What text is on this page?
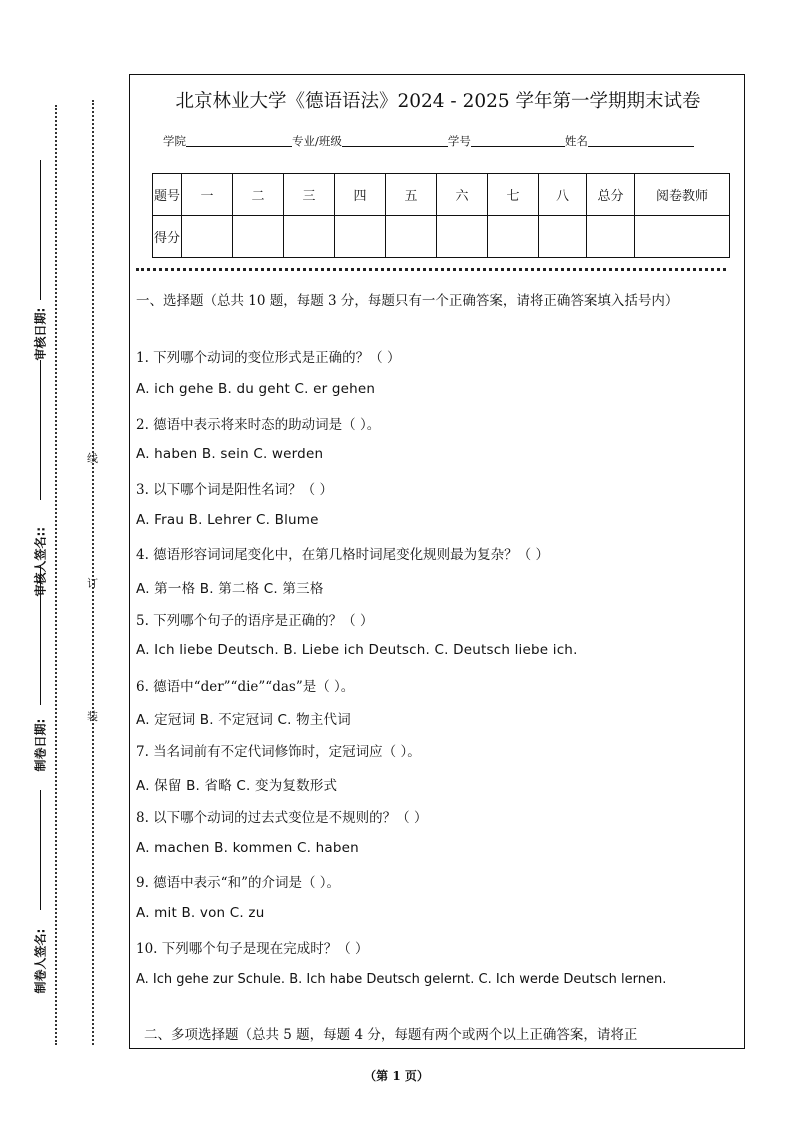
审核日期:
审核人签名::
制卷日期:
制卷人签名:
线
订
装
北京林业大学《德语语法》2024 - 2025 学年第一学期期末试卷
学院	专业/班级	学号	姓名
题号	一	二	三	四	五	六	七	八	总分	阅卷教师
得分										
一、选择题（总共 10 题，每题 3 分，每题只有一个正确答案，请将正确答案填入括号内）
1. 下列哪个动词的变位形式是正确的？（ ）
A. ich gehe B. du geht C. er gehen
2. 德语中表示将来时态的助动词是（ ）。
A. haben B. sein C. werden
3. 以下哪个词是阳性名词？（ ）
A. Frau B. Lehrer C. Blume
4. 德语形容词词尾变化中，在第几格时词尾变化规则最为复杂？（ ）
A. 第一格 B. 第二格 C. 第三格
5. 下列哪个句子的语序是正确的？（ ）
A. Ich liebe Deutsch. B. Liebe ich Deutsch. C. Deutsch liebe ich.
6. 德语中“der”“die”“das”是（ ）。
A. 定冠词 B. 不定冠词 C. 物主代词
7. 当名词前有不定代词修饰时，定冠词应（ ）。
A. 保留 B. 省略 C. 变为复数形式
8. 以下哪个动词的过去式变位是不规则的？（ ）
A. machen B. kommen C. haben
9. 德语中表示“和”的介词是（ ）。
A. mit B. von C. zu
10. 下列哪个句子是现在完成时？（ ）
A. Ich gehe zur Schule. B. Ich habe Deutsch gelernt. C. Ich werde Deutsch lernen.
二、多项选择题（总共 5 题，每题 4 分，每题有两个或两个以上正确答案，请将正
（第 1 页）
